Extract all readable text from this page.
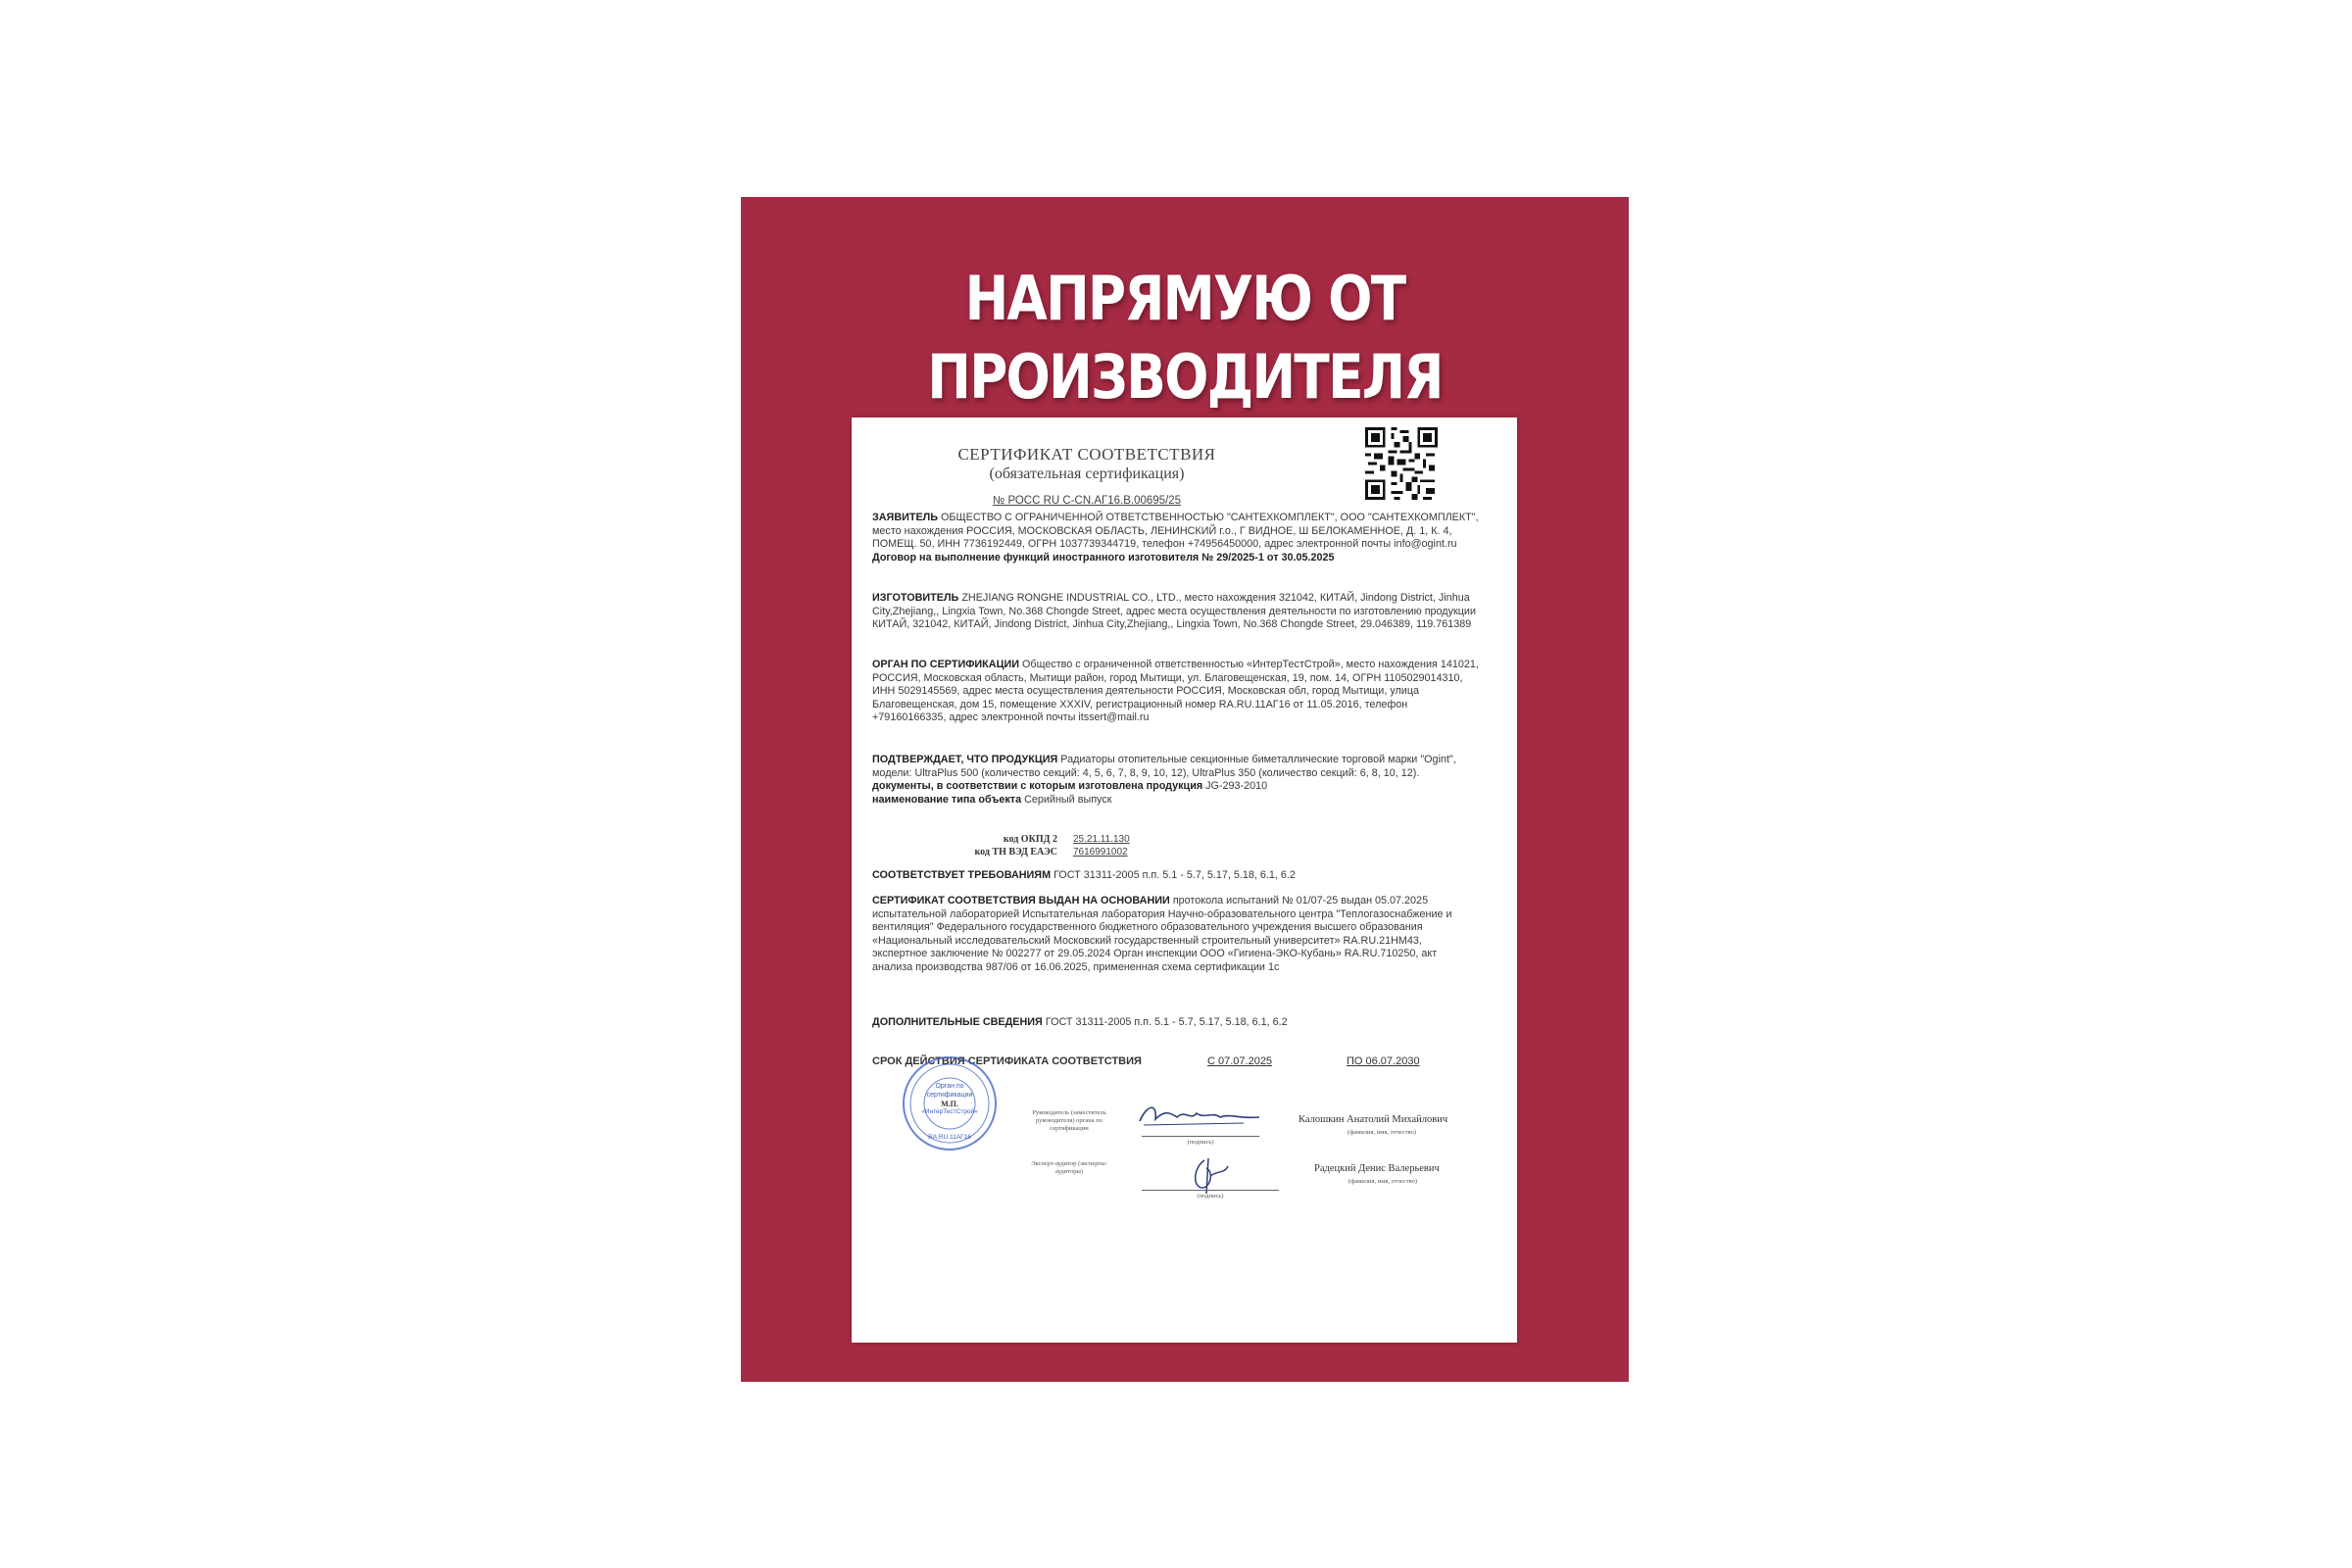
НАПРЯМУЮ ОТ
ПРОИЗВОДИТЕЛЯ
СЕРТИФИКАТ СООТВЕТСТВИЯ
(обязательная сертификация)
№ РОСС RU С-CN.АГ16.В.00695/25
ЗАЯВИТЕЛЬ ОБЩЕСТВО С ОГРАНИЧЕННОЙ ОТВЕТСТВЕННОСТЬЮ "САНТЕХКОМПЛЕКТ", ООО "САНТЕХКОМПЛЕКТ", место нахождения РОССИЯ, МОСКОВСКАЯ ОБЛАСТЬ, ЛЕНИНСКИЙ г.о., Г ВИДНОЕ, Ш БЕЛОКАМЕННОЕ, Д. 1, К. 4, ПОМЕЩ. 50, ИНН 7736192449, ОГРН 1037739344719, телефон +74956450000, адрес электронной почты info@ogint.ru
Договор на выполнение функций иностранного изготовителя № 29/2025-1 от 30.05.2025
ИЗГОТОВИТЕЛЬ ZHEJIANG RONGHE INDUSTRIAL CO., LTD., место нахождения 321042, КИТАЙ, Jindong District, Jinhua City,Zhejiang,, Lingxia Town, No.368 Chongde Street, адрес места осуществления деятельности по изготовлению продукции КИТАЙ, 321042, КИТАЙ, Jindong District, Jinhua City,Zhejiang,, Lingxia Town, No.368 Chongde Street, 29.046389, 119.761389
ОРГАН ПО СЕРТИФИКАЦИИ Общество с ограниченной ответственностью «ИнтерТестСтрой», место нахождения 141021, РОССИЯ, Московская область, Мытищи район, город Мытищи, ул. Благовещенская, 19, пом. 14, ОГРН 1105029014310, ИНН 5029145569, адрес места осуществления деятельности РОССИЯ, Московская обл, город Мытищи, улица Благовещенская, дом 15, помещение XXXIV, регистрационный номер RA.RU.11АГ16 от 11.05.2016, телефон +79160166335, адрес электронной почты itssert@mail.ru
ПОДТВЕРЖДАЕТ, ЧТО ПРОДУКЦИЯ Радиаторы отопительные секционные биметаллические торговой марки "Ogint", модели: UltraPlus 500 (количество секций: 4, 5, 6, 7, 8, 9, 10, 12), UltraPlus 350 (количество секций: 6, 8, 10, 12).
документы, в соответствии с которым изготовлена продукция JG-293-2010
наименование типа объекта Серийный выпуск
код ОКПД 2 25.21.11.130
код ТН ВЭД ЕАЭС 7616991002
СООТВЕТСТВУЕТ ТРЕБОВАНИЯМ ГОСТ 31311-2005 п.п. 5.1 - 5.7, 5.17, 5.18, 6.1, 6.2
СЕРТИФИКАТ СООТВЕТСТВИЯ ВЫДАН НА ОСНОВАНИИ протокола испытаний № 01/07-25 выдан 05.07.2025 испытательной лабораторией Испытательная лаборатория Научно-образовательного центра "Теплогазоснабжение и вентиляция" Федерального государственного бюджетного образовательного учреждения высшего образования «Национальный исследовательский Московский государственный строительный университет» RA.RU.21НМ43, экспертное заключение № 002277 от 29.05.2024 Орган инспекции ООО «Гигиена-ЭКО-Кубань» RA.RU.710250, акт анализа производства 987/06 от 16.06.2025, примененная схема сертификации 1с
ДОПОЛНИТЕЛЬНЫЕ СВЕДЕНИЯ ГОСТ 31311-2005 п.п. 5.1 - 5.7, 5.17, 5.18, 6.1, 6.2
СРОК ДЕЙСТВИЯ СЕРТИФИКАТА СООТВЕТСТВИЯ	С 07.07.2025	ПО 06.07.2030
Орган по
сертификации
«ИнтерТестСтрой»
RA.RU.11АГ16
М.П.
Руководитель (заместитель руководителя) органа по сертификации
(подпись)
Калошкин Анатолий Михайлович
(фамилия, имя, отчество)
Эксперт-аудитор (эксперты-аудиторы)
(подпись)
Радецкий Денис Валерьевич
(фамилия, имя, отчество)
